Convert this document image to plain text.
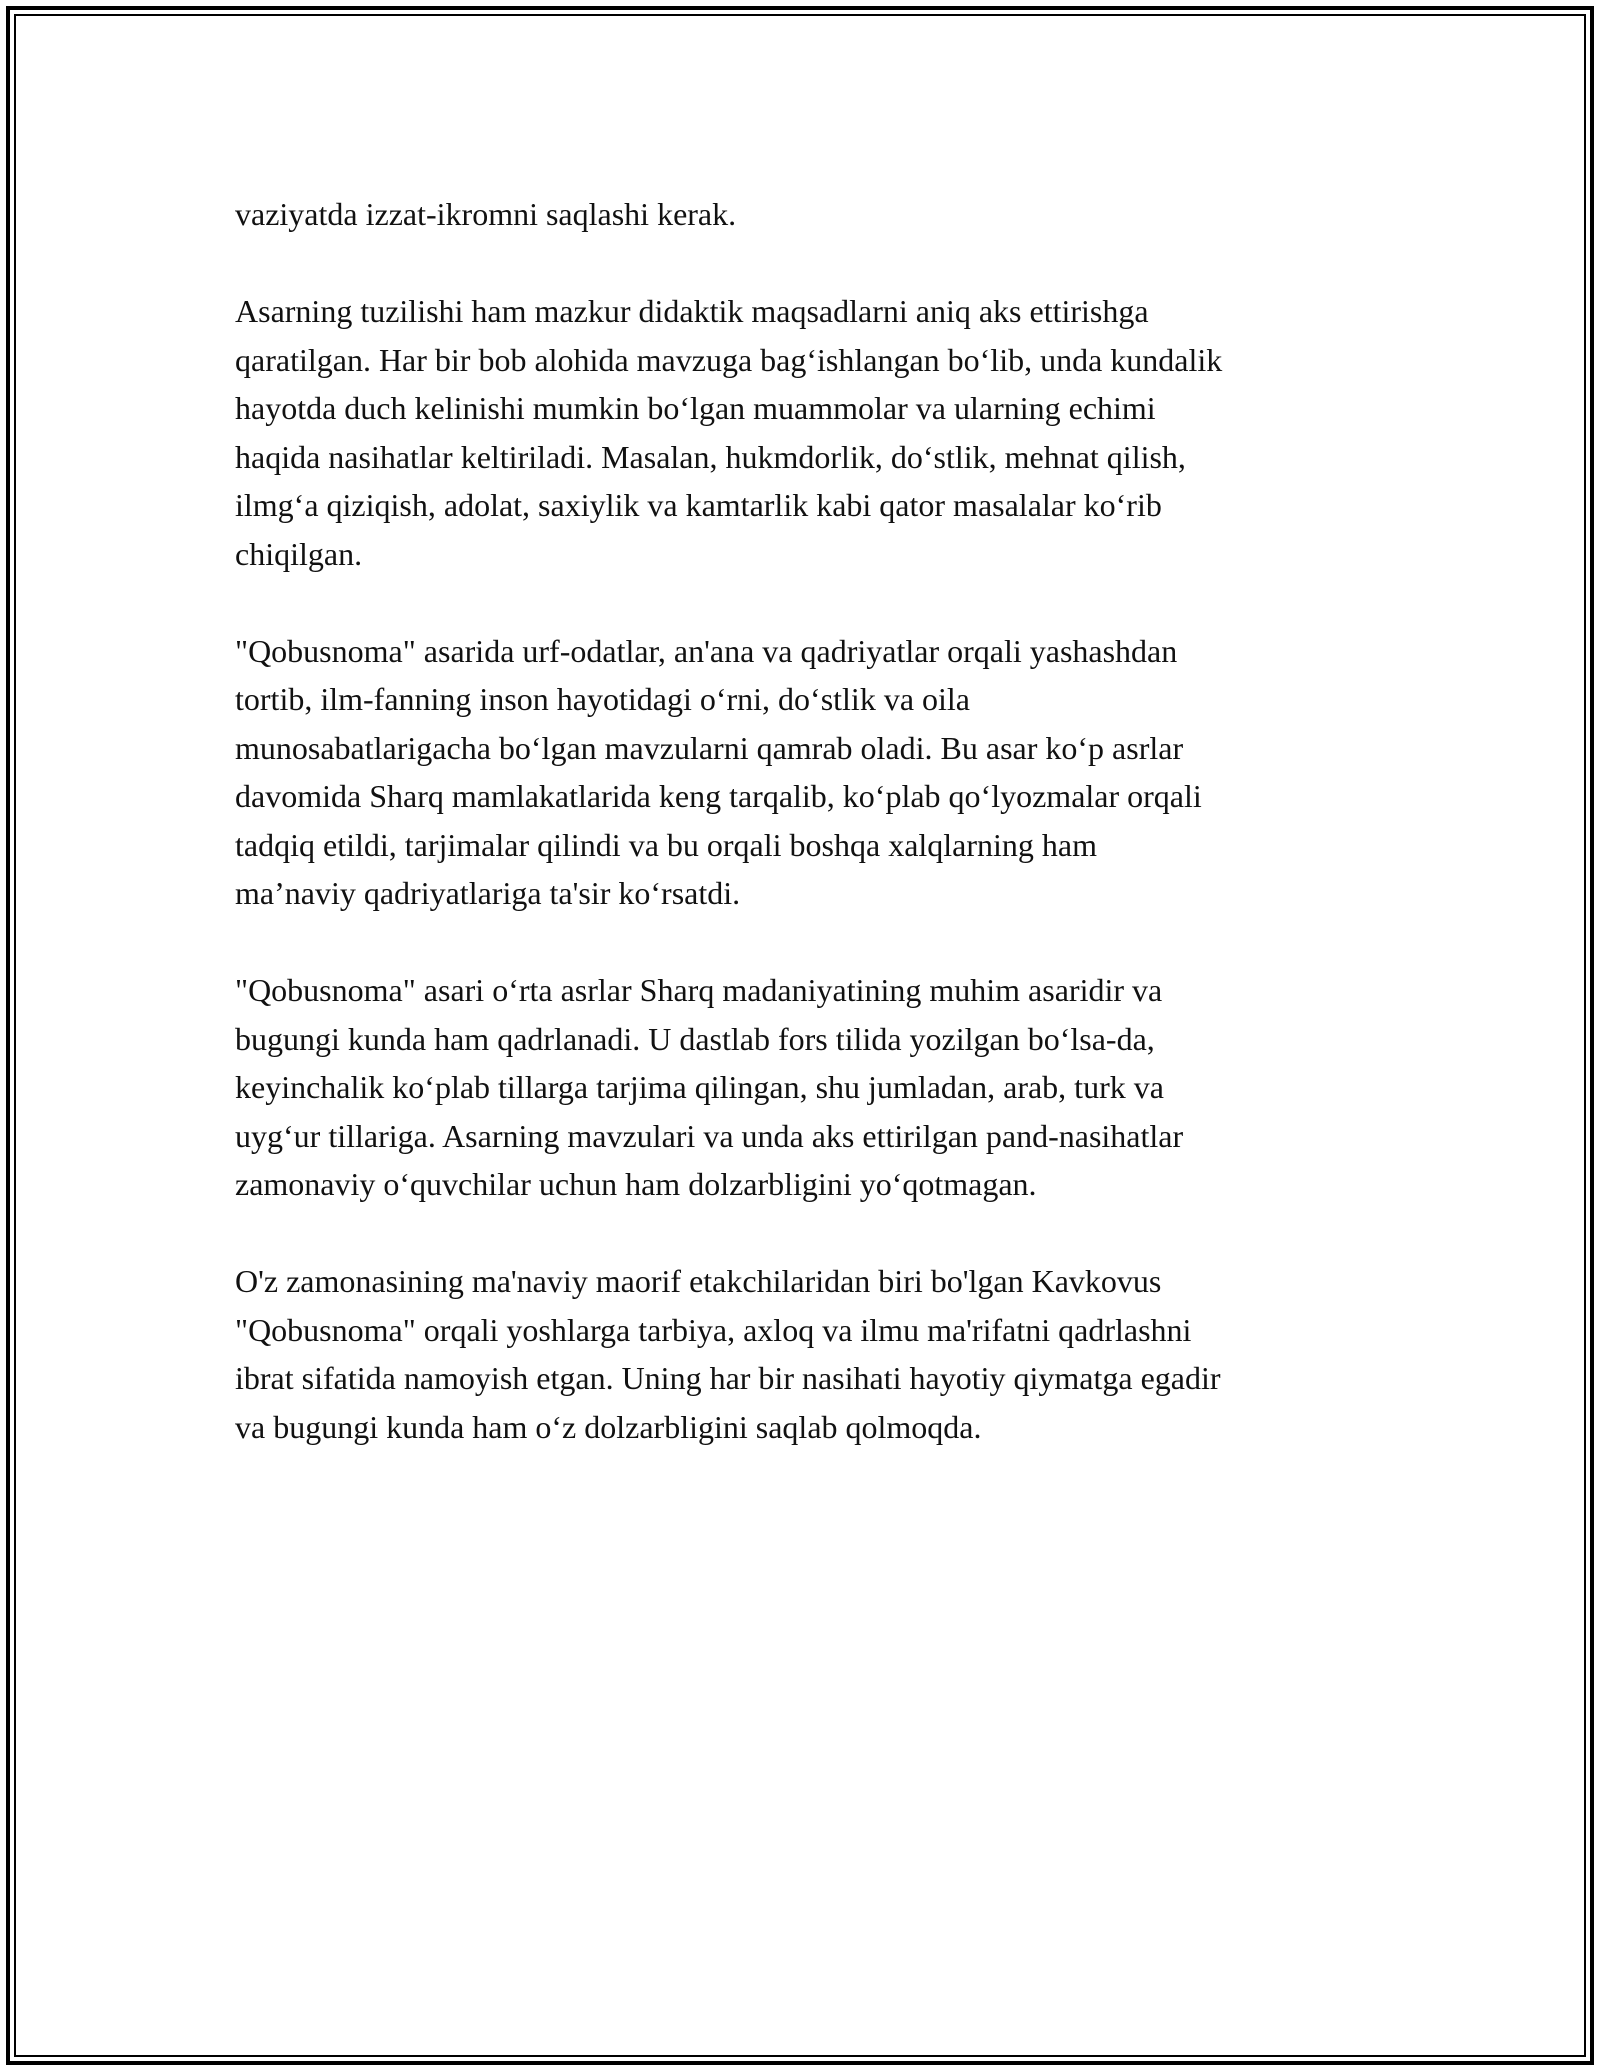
vaziyatda izzat-ikromni saqlashi kerak.
Asarning tuzilishi ham mazkur didaktik maqsadlarni aniq aks ettirishga
qaratilgan. Har bir bob alohida mavzuga bag‘ishlangan bo‘lib, unda kundalik
hayotda duch kelinishi mumkin bo‘lgan muammolar va ularning echimi
haqida nasihatlar keltiriladi. Masalan, hukmdorlik, do‘stlik, mehnat qilish,
ilmg‘a qiziqish, adolat, saxiylik va kamtarlik kabi qator masalalar ko‘rib
chiqilgan.
"Qobusnoma" asarida urf-odatlar, an'ana va qadriyatlar orqali yashashdan
tortib, ilm-fanning inson hayotidagi o‘rni, do‘stlik va oila
munosabatlarigacha bo‘lgan mavzularni qamrab oladi. Bu asar ko‘p asrlar
davomida Sharq mamlakatlarida keng tarqalib, ko‘plab qo‘lyozmalar orqali
tadqiq etildi, tarjimalar qilindi va bu orqali boshqa xalqlarning ham
ma’naviy qadriyatlariga ta'sir ko‘rsatdi.
"Qobusnoma" asari o‘rta asrlar Sharq madaniyatining muhim asaridir va
bugungi kunda ham qadrlanadi. U dastlab fors tilida yozilgan bo‘lsa-da,
keyinchalik ko‘plab tillarga tarjima qilingan, shu jumladan, arab, turk va
uyg‘ur tillariga. Asarning mavzulari va unda aks ettirilgan pand-nasihatlar
zamonaviy o‘quvchilar uchun ham dolzarbligini yo‘qotmagan.
O'z zamonasining ma'naviy maorif etakchilaridan biri bo'lgan Kavkovus
"Qobusnoma" orqali yoshlarga tarbiya, axloq va ilmu ma'rifatni qadrlashni
ibrat sifatida namoyish etgan. Uning har bir nasihati hayotiy qiymatga egadir
va bugungi kunda ham o‘z dolzarbligini saqlab qolmoqda.
